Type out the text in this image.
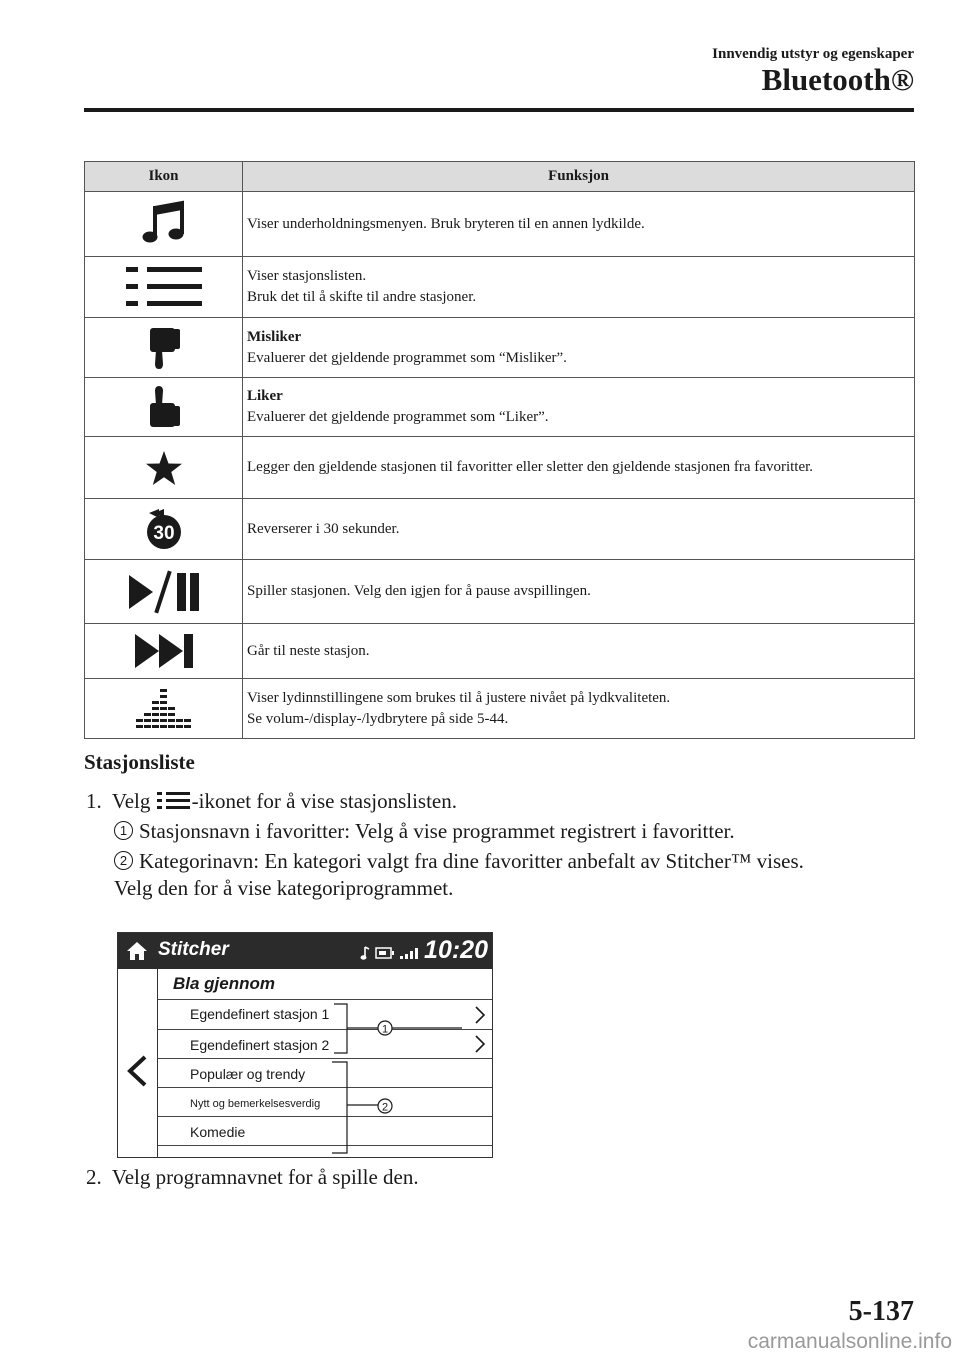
Innvendig utstyr og egenskaper
Bluetooth®
Ikon	Funksjon

Viser underholdningsmenyen. Bruk bryteren til en annen lydkilde.

Viser stasjonslisten.
Bruk det til å skifte til andre stasjoner.

Misliker
Evaluerer det gjeldende programmet som “Misliker”.

Liker
Evaluerer det gjeldende programmet som “Liker”.

Legger den gjeldende stasjonen til favoritter eller sletter den gjeldende stasjonen fra favoritter.

30	Reverserer i 30 sekunder.

Spiller stasjonen. Velg den igjen for å pause avspillingen.

Går til neste stasjon.

Viser lydinnstillingene som brukes til å justere nivået på lydkvaliteten.
Se volum-/display-/lydbrytere på side 5-44.
Stasjonsliste
1. Velg -ikonet for å vise stasjonslisten.
1 Stasjonsnavn i favoritter: Velg å vise programmet registrert i favoritter.
2 Kategorinavn: En kategori valgt fra dine favoritter anbefalt av Stitcher™ vises.
Velg den for å vise kategoriprogrammet.
Stitcher	10:20
Bla gjennom
Egendefinert stasjon 1
Egendefinert stasjon 2
Populær og trendy
Nytt og bemerkelsesverdig
Komedie
1
2
2. Velg programnavnet for å spille den.
5-137
carmanualsonline.info
